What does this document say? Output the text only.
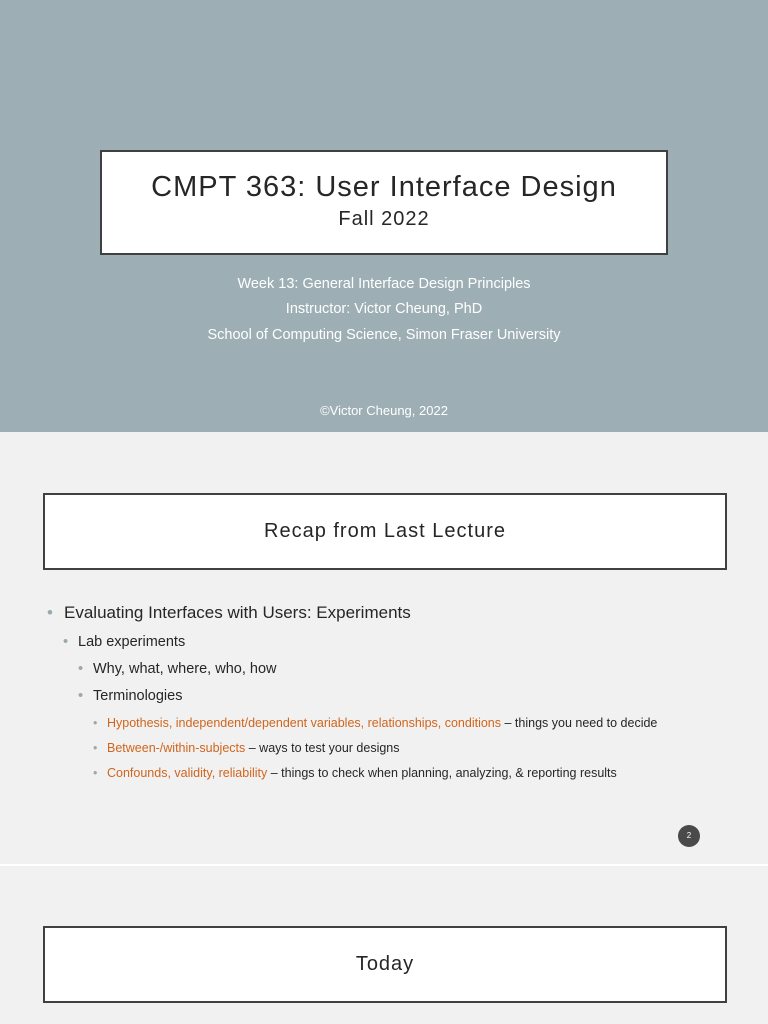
CMPT 363: User Interface Design
Fall 2022
Week 13: General Interface Design Principles
Instructor: Victor Cheung, PhD
School of Computing Science, Simon Fraser University
©Victor Cheung, 2022
Recap from Last Lecture
• Evaluating Interfaces with Users: Experiments
• Lab experiments
• Why, what, where, who, how
• Terminologies
• Hypothesis, independent/dependent variables, relationships, conditions – things you need to decide
• Between-/within-subjects – ways to test your designs
• Confounds, validity, reliability – things to check when planning, analyzing, & reporting results
2
Today
